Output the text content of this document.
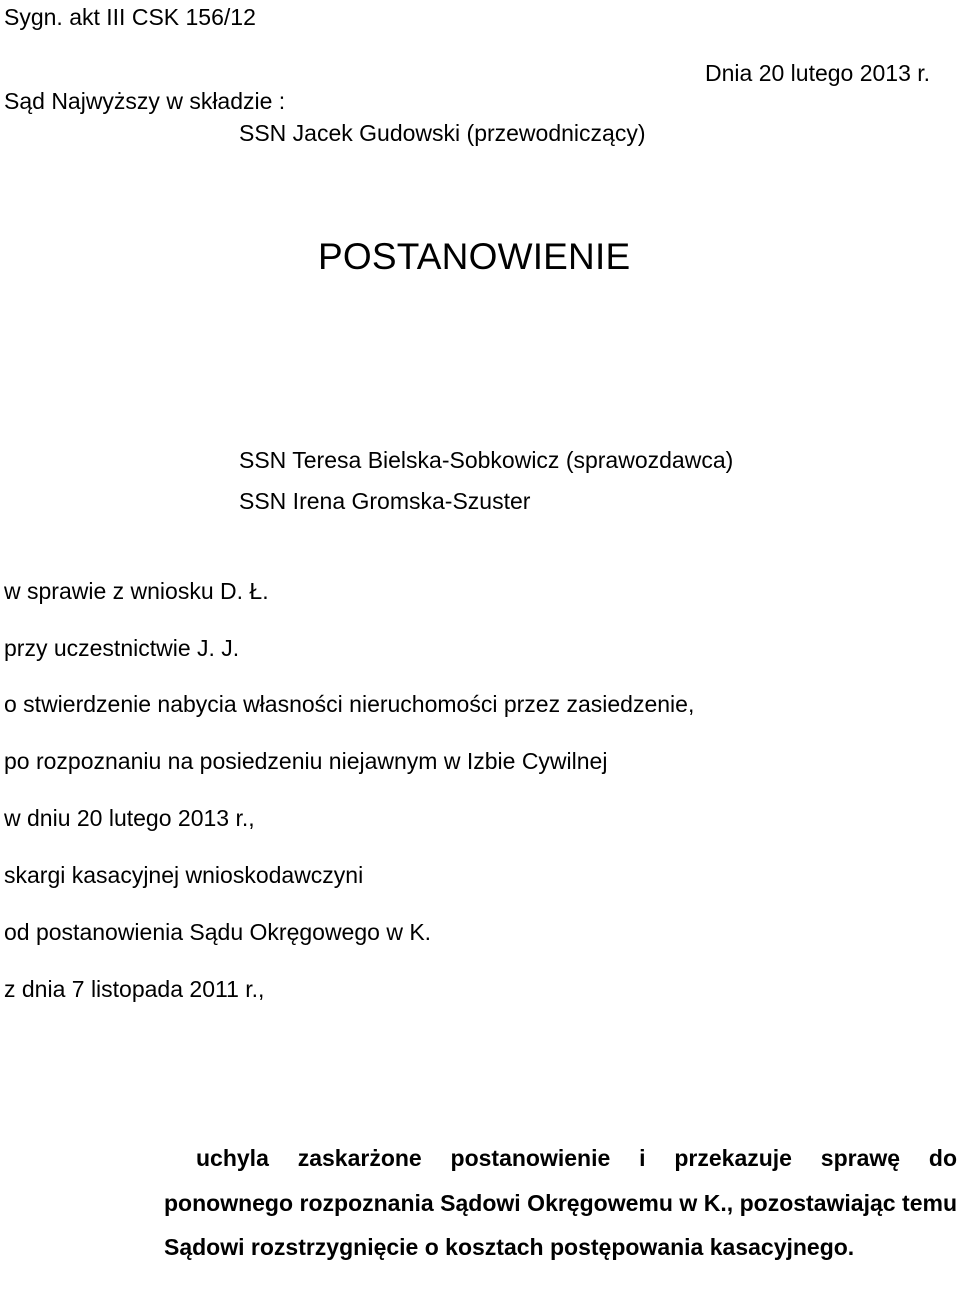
Sygn. akt III CSK 156/12
POSTANOWIENIE
Dnia 20 lutego 2013 r.
Sąd Najwyższy w składzie :
SSN Jacek Gudowski (przewodniczący)
SSN Teresa Bielska-Sobkowicz (sprawozdawca)
SSN Irena Gromska-Szuster
w sprawie z wniosku D. Ł.
przy uczestnictwie J. J.
o stwierdzenie nabycia własności nieruchomości przez zasiedzenie,
po rozpoznaniu na posiedzeniu niejawnym w Izbie Cywilnej
w dniu 20 lutego 2013 r.,
skargi kasacyjnej wnioskodawczyni
od postanowienia Sądu Okręgowego w K.
z dnia 7 listopada 2011 r.,
uchyla zaskarżone postanowienie i przekazuje sprawę do ponownego rozpoznania Sądowi Okręgowemu w K., pozostawiając temu Sądowi rozstrzygnięcie o kosztach postępowania kasacyjnego.
